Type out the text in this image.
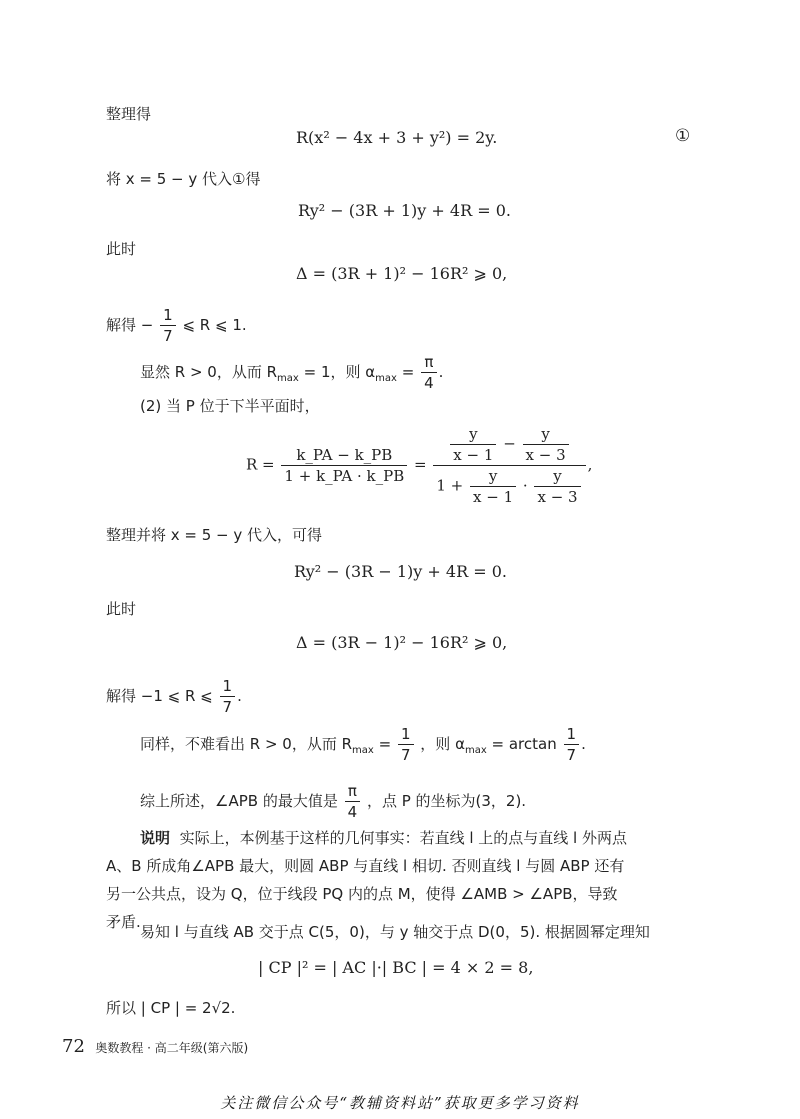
整理得
R(x² − 4x + 3 + y²) = 2y.	①
将 x = 5 − y 代入①得
Ry² − (3R + 1)y + 4R = 0.
此时
Δ = (3R + 1)² − 16R² ⩾ 0,
解得 − $\frac{1}{7}$ ⩽ R ⩽ 1.
显然 R > 0，从而 $R_{max} = 1$，则 $\alpha_{max} = \frac{\pi}{4}$ .
(2) 当 P 位于下半平面时，
$R = \frac{k\_PA - k\_PB}{1 + k\_PA \cdot k\_PB} = \frac{\frac{y}{x - 1} - \frac{y}{x - 3}}{1 + \frac{y}{x - 1} \cdot \frac{y}{x - 3}}$ ,
整理并将 x = 5 − y 代入，可得
Ry² − (3R − 1)y + 4R = 0.
此时
Δ = (3R − 1)² − 16R² ⩾ 0,
解得 −1 ⩽ R ⩽ $\frac{1}{7}$ .
同样，不难看出 R > 0，从而 $R_{max} = \frac{1}{7}$ ，则 $\alpha_{max} = \arctan \frac{1}{7}$ .
综上所述，∠APB 的最大值是 $\frac{\pi}{4}$ ，点 P 的坐标为(3，2).
说明 实际上，本例基于这样的几何事实：若直线 l 上的点与直线 l 外两点
A、B 所成角∠APB 最大，则圆 ABP 与直线 l 相切. 否则直线 l 与圆 ABP 还有
另一公共点，设为 Q，位于线段 PQ 内的点 M，使得 ∠AMB > ∠APB，导致
矛盾.
易知 l 与直线 AB 交于点 C(5，0)，与 y 轴交于点 D(0，5). 根据圆幂定理知
| CP |² = | AC |·| BC | = 4 × 2 = 8,
所以 | CP | = 2√2.
72 奥数教程 · 高二年级(第六版)
关注微信公众号“教辅资料站”获取更多学习资料
